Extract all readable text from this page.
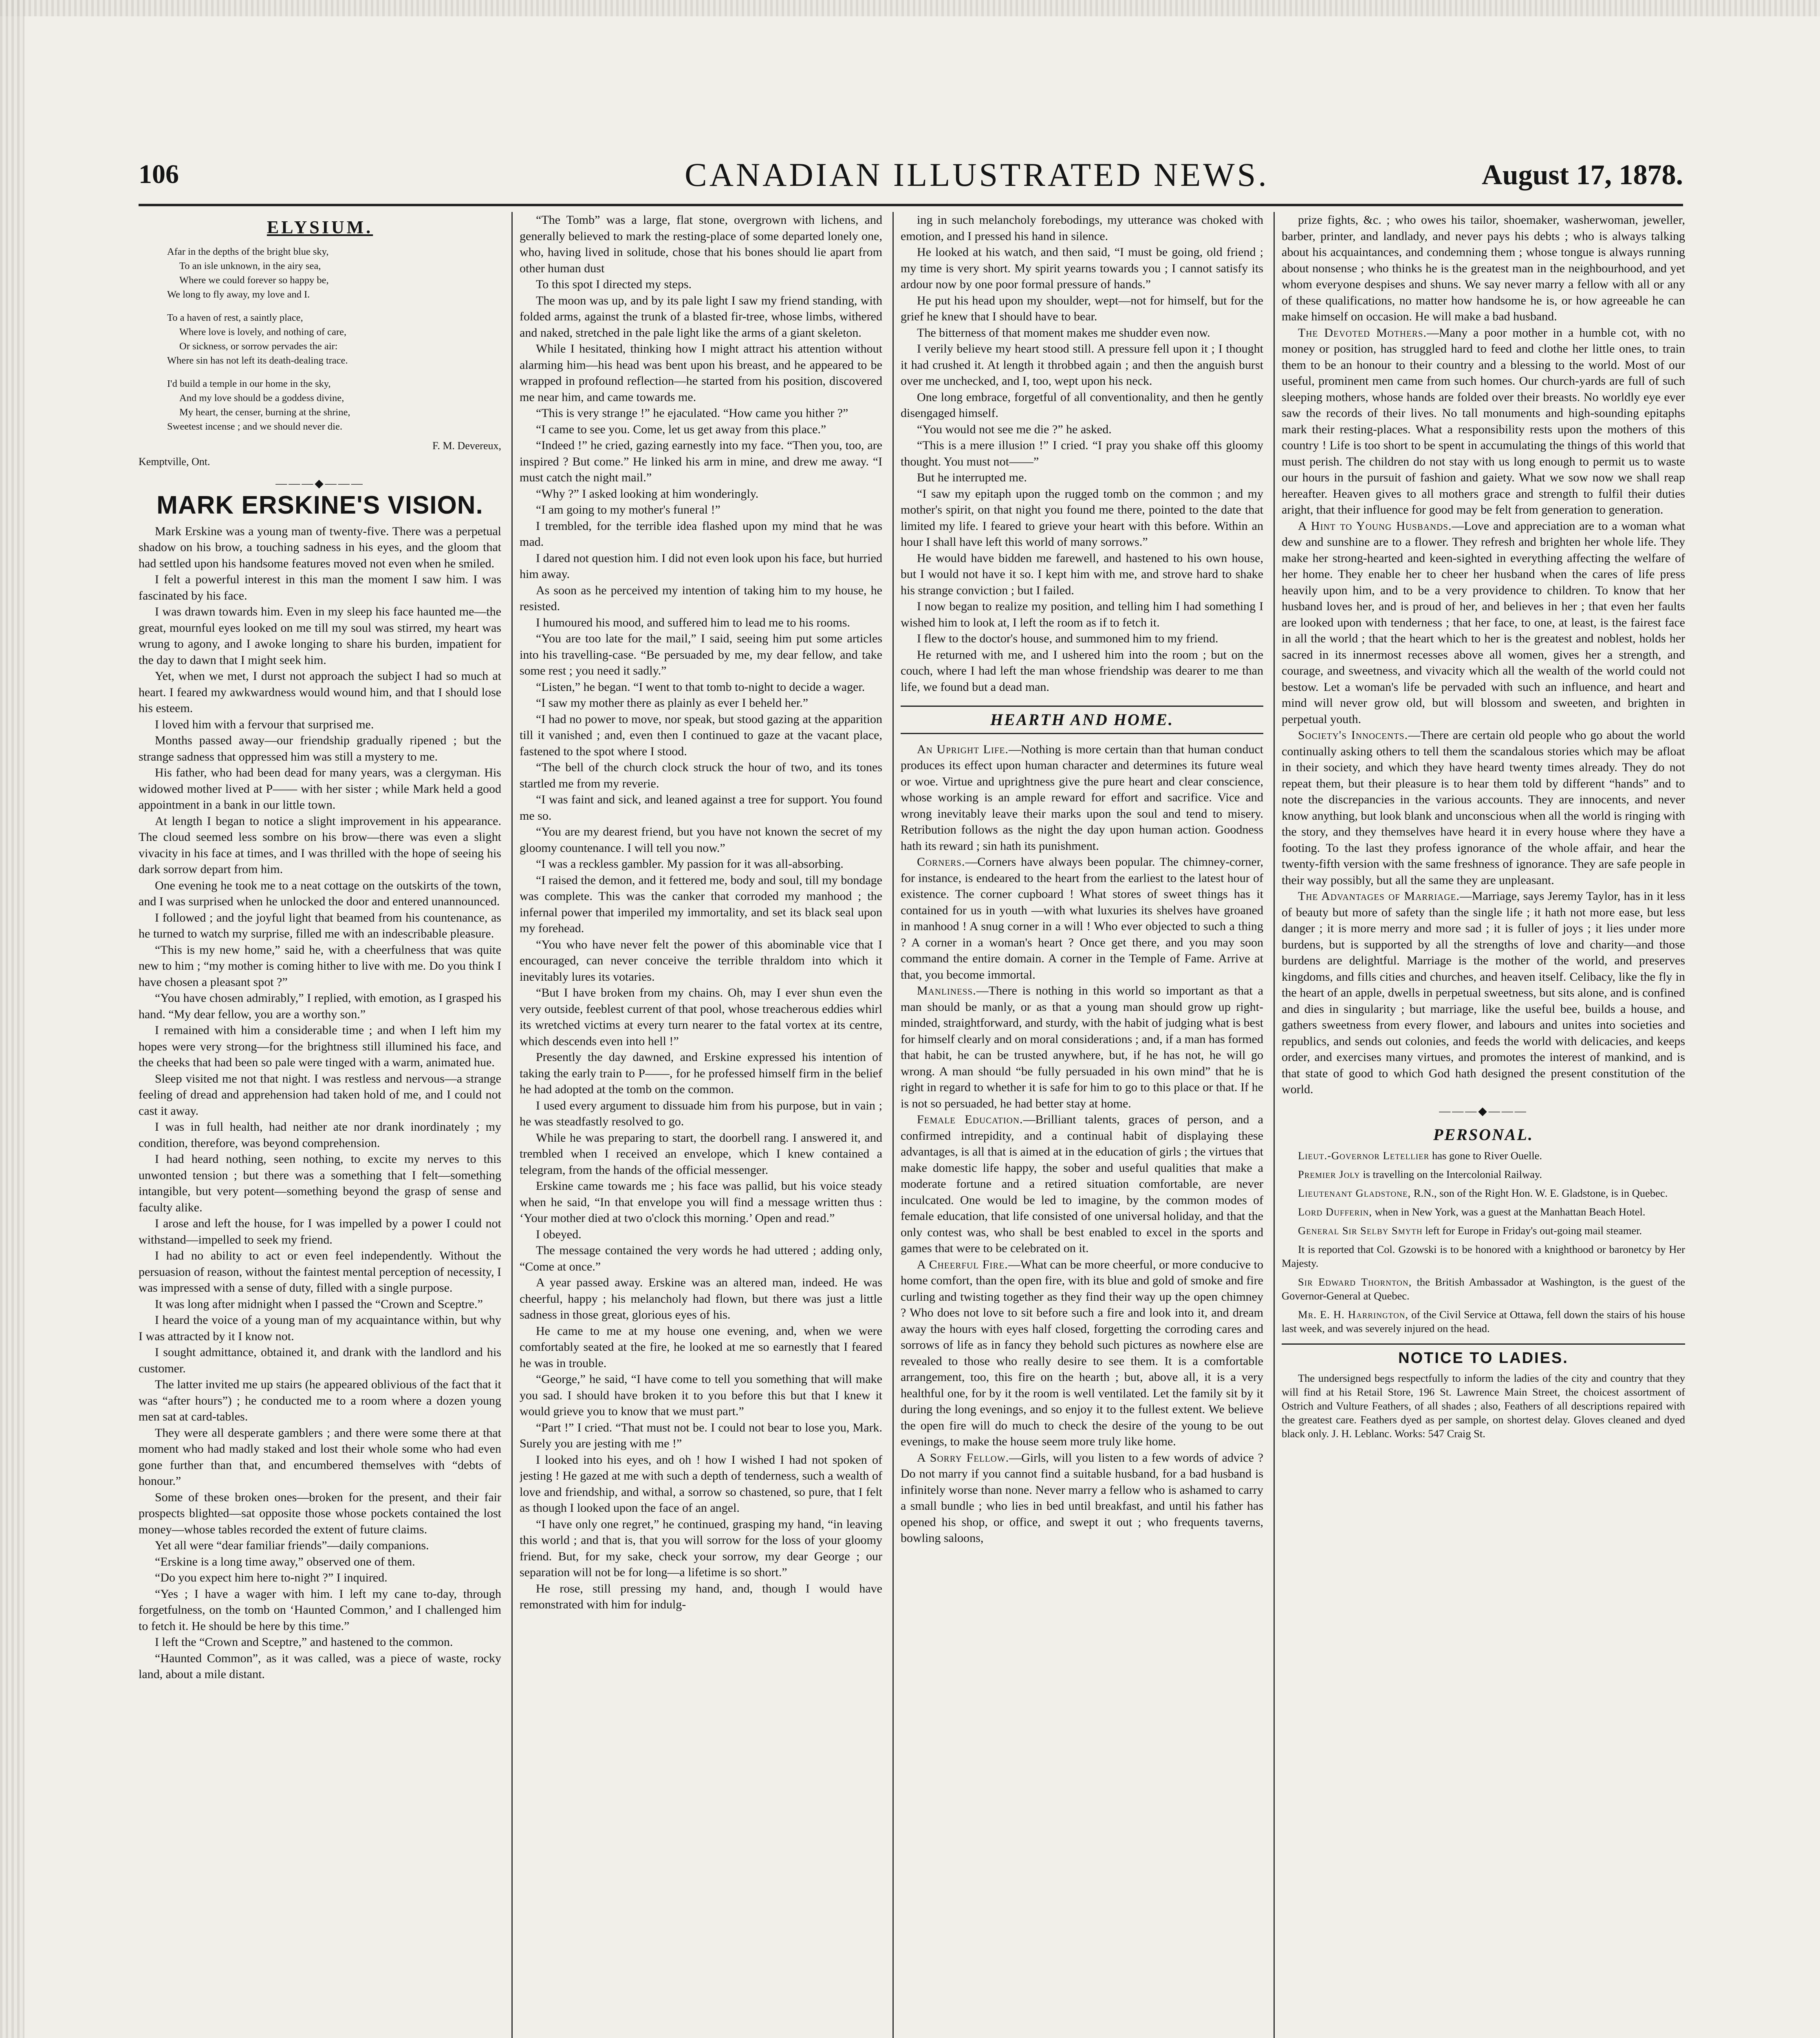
106	CANADIAN ILLUSTRATED NEWS.	August 17, 1878.
ELYSIUM.
Afar in the depths of the bright blue sky,
To an isle unknown, in the airy sea,
Where we could forever so happy be,
We long to fly away, my love and I.
To a haven of rest, a saintly place,
Where love is lovely, and nothing of care,
Or sickness, or sorrow pervades the air:
Where sin has not left its death-dealing trace.
I'd build a temple in our home in the sky,
And my love should be a goddess divine,
My heart, the censer, burning at the shrine,
Sweetest incense ; and we should never die.
F. M. Devereux,
Kemptville, Ont.
―――◆―――
MARK ERSKINE'S VISION.

Mark Erskine was a young man of twenty-five. There was a perpetual shadow on his brow, a touching sadness in his eyes, and the gloom that had settled upon his handsome features moved not even when he smiled.

I felt a powerful interest in this man the moment I saw him. I was fascinated by his face.

I was drawn towards him. Even in my sleep his face haunted me—the great, mournful eyes looked on me till my soul was stirred, my heart was wrung to agony, and I awoke longing to share his burden, impatient for the day to dawn that I might seek him.

Yet, when we met, I durst not approach the subject I had so much at heart. I feared my awkwardness would wound him, and that I should lose his esteem.

I loved him with a fervour that surprised me.

Months passed away—our friendship gradually ripened ; but the strange sadness that oppressed him was still a mystery to me.

His father, who had been dead for many years, was a clergyman. His widowed mother lived at P—— with her sister ; while Mark held a good appointment in a bank in our little town.

At length I began to notice a slight improvement in his appearance. The cloud seemed less sombre on his brow—there was even a slight vivacity in his face at times, and I was thrilled with the hope of seeing his dark sorrow depart from him.

One evening he took me to a neat cottage on the outskirts of the town, and I was surprised when he unlocked the door and entered unannounced.

I followed ; and the joyful light that beamed from his countenance, as he turned to watch my surprise, filled me with an indescribable pleasure.

“This is my new home,” said he, with a cheerfulness that was quite new to him ; “my mother is coming hither to live with me. Do you think I have chosen a pleasant spot ?”

“You have chosen admirably,” I replied, with emotion, as I grasped his hand. “My dear fellow, you are a worthy son.”

I remained with him a considerable time ; and when I left him my hopes were very strong—for the brightness still illumined his face, and the cheeks that had been so pale were tinged with a warm, animated hue.

Sleep visited me not that night. I was restless and nervous—a strange feeling of dread and apprehension had taken hold of me, and I could not cast it away.

I was in full health, had neither ate nor drank inordinately ; my condition, therefore, was beyond comprehension.

I had heard nothing, seen nothing, to excite my nerves to this unwonted tension ; but there was a something that I felt—something intangible, but very potent—something beyond the grasp of sense and faculty alike.

I arose and left the house, for I was impelled by a power I could not withstand—impelled to seek my friend.

I had no ability to act or even feel independently. Without the persuasion of reason, without the faintest mental perception of necessity, I was impressed with a sense of duty, filled with a single purpose.

It was long after midnight when I passed the “Crown and Sceptre.”

I heard the voice of a young man of my acquaintance within, but why I was attracted by it I know not.

I sought admittance, obtained it, and drank with the landlord and his customer.

The latter invited me up stairs (he appeared oblivious of the fact that it was “after hours”) ; he conducted me to a room where a dozen young men sat at card-tables.

They were all desperate gamblers ; and there were some there at that moment who had madly staked and lost their whole some who had even gone further than that, and encumbered themselves with “debts of honour.”

Some of these broken ones—broken for the present, and their fair prospects blighted—sat opposite those whose pockets contained the lost money—whose tables recorded the extent of future claims.

Yet all were “dear familiar friends”—daily companions.

“Erskine is a long time away,” observed one of them.

“Do you expect him here to-night ?” I inquired.

“Yes ; I have a wager with him. I left my cane to-day, through forgetfulness, on the tomb on ‘Haunted Common,’ and I challenged him to fetch it. He should be here by this time.”

I left the “Crown and Sceptre,” and hastened to the common.

“Haunted Common”, as it was called, was a piece of waste, rocky land, about a mile distant.

“The Tomb” was a large, flat stone, overgrown with lichens, and generally believed to mark the resting-place of some departed lonely one, who, having lived in solitude, chose that his bones should lie apart from other human dust

To this spot I directed my steps.

The moon was up, and by its pale light I saw my friend standing, with folded arms, against the trunk of a blasted fir-tree, whose limbs, withered and naked, stretched in the pale light like the arms of a giant skeleton.

While I hesitated, thinking how I might attract his attention without alarming him—his head was bent upon his breast, and he appeared to be wrapped in profound reflection—he started from his position, discovered me near him, and came towards me.

“This is very strange !” he ejaculated. “How came you hither ?”

“I came to see you. Come, let us get away from this place.”

“Indeed !” he cried, gazing earnestly into my face. “Then you, too, are inspired ? But come.” He linked his arm in mine, and drew me away. “I must catch the night mail.”

“Why ?” I asked looking at him wonderingly.

“I am going to my mother's funeral !”

I trembled, for the terrible idea flashed upon my mind that he was mad.

I dared not question him. I did not even look upon his face, but hurried him away.

As soon as he perceived my intention of taking him to my house, he resisted.

I humoured his mood, and suffered him to lead me to his rooms.

“You are too late for the mail,” I said, seeing him put some articles into his travelling-case. “Be persuaded by me, my dear fellow, and take some rest ; you need it sadly.”

“Listen,” he began. “I went to that tomb to-night to decide a wager.

“I saw my mother there as plainly as ever I beheld her.”

“I had no power to move, nor speak, but stood gazing at the apparition till it vanished ; and, even then I continued to gaze at the vacant place, fastened to the spot where I stood.

“The bell of the church clock struck the hour of two, and its tones startled me from my reverie.

“I was faint and sick, and leaned against a tree for support. You found me so.

“You are my dearest friend, but you have not known the secret of my gloomy countenance. I will tell you now.”

“I was a reckless gambler. My passion for it was all-absorbing.

“I raised the demon, and it fettered me, body and soul, till my bondage was complete. This was the canker that corroded my manhood ; the infernal power that imperiled my immortality, and set its black seal upon my forehead.

“You who have never felt the power of this abominable vice that I encouraged, can never conceive the terrible thraldom into which it inevitably lures its votaries.

“But I have broken from my chains. Oh, may I ever shun even the very outside, feeblest current of that pool, whose treacherous eddies whirl its wretched victims at every turn nearer to the fatal vortex at its centre, which descends even into hell !”

Presently the day dawned, and Erskine expressed his intention of taking the early train to P——, for he professed himself firm in the belief he had adopted at the tomb on the common.

I used every argument to dissuade him from his purpose, but in vain ; he was steadfastly resolved to go.

While he was preparing to start, the doorbell rang. I answered it, and trembled when I received an envelope, which I knew contained a telegram, from the hands of the official messenger.

Erskine came towards me ; his face was pallid, but his voice steady when he said, “In that envelope you will find a message written thus : ‘Your mother died at two o'clock this morning.’ Open and read.”

I obeyed.

The message contained the very words he had uttered ; adding only, “Come at once.”

A year passed away. Erskine was an altered man, indeed. He was cheerful, happy ; his melancholy had flown, but there was just a little sadness in those great, glorious eyes of his.

He came to me at my house one evening, and, when we were comfortably seated at the fire, he looked at me so earnestly that I feared he was in trouble.

“George,” he said, “I have come to tell you something that will make you sad. I should have broken it to you before this but that I knew it would grieve you to know that we must part.”

“Part !” I cried. “That must not be. I could not bear to lose you, Mark. Surely you are jesting with me !”

I looked into his eyes, and oh ! how I wished I had not spoken of jesting ! He gazed at me with such a depth of tenderness, such a wealth of love and friendship, and withal, a sorrow so chastened, so pure, that I felt as though I looked upon the face of an angel.

“I have only one regret,” he continued, grasping my hand, “in leaving this world ; and that is, that you will sorrow for the loss of your gloomy friend. But, for my sake, check your sorrow, my dear George ; our separation will not be for long—a lifetime is so short.”

He rose, still pressing my hand, and, though I would have remonstrated with him for indulg-

ing in such melancholy forebodings, my utterance was choked with emotion, and I pressed his hand in silence.

He looked at his watch, and then said, “I must be going, old friend ; my time is very short. My spirit yearns towards you ; I cannot satisfy its ardour now by one poor formal pressure of hands.”

He put his head upon my shoulder, wept—not for himself, but for the grief he knew that I should have to bear.

The bitterness of that moment makes me shudder even now.

I verily believe my heart stood still. A pressure fell upon it ; I thought it had crushed it. At length it throbbed again ; and then the anguish burst over me unchecked, and I, too, wept upon his neck.

One long embrace, forgetful of all conventionality, and then he gently disengaged himself.

“You would not see me die ?” he asked.

“This is a mere illusion !” I cried. “I pray you shake off this gloomy thought. You must not——”

But he interrupted me.

“I saw my epitaph upon the rugged tomb on the common ; and my mother's spirit, on that night you found me there, pointed to the date that limited my life. I feared to grieve your heart with this before. Within an hour I shall have left this world of many sorrows.”

He would have bidden me farewell, and hastened to his own house, but I would not have it so. I kept him with me, and strove hard to shake his strange conviction ; but I failed.

I now began to realize my position, and telling him I had something I wished him to look at, I left the room as if to fetch it.

I flew to the doctor's house, and summoned him to my friend.

He returned with me, and I ushered him into the room ; but on the couch, where I had left the man whose friendship was dearer to me than life, we found but a dead man.

HEARTH AND HOME.

An Upright Life.—Nothing is more certain than that human conduct produces its effect upon human character and determines its future weal or woe. Virtue and uprightness give the pure heart and clear conscience, whose working is an ample reward for effort and sacrifice. Vice and wrong inevitably leave their marks upon the soul and tend to misery. Retribution follows as the night the day upon human action. Goodness hath its reward ; sin hath its punishment.

Corners.—Corners have always been popular. The chimney-corner, for instance, is endeared to the heart from the earliest to the latest hour of existence. The corner cupboard ! What stores of sweet things has it contained for us in youth —with what luxuries its shelves have groaned in manhood ! A snug corner in a will ! Who ever objected to such a thing ? A corner in a woman's heart ? Once get there, and you may soon command the entire domain. A corner in the Temple of Fame. Arrive at that, you become immortal.

Manliness.—There is nothing in this world so important as that a man should be manly, or as that a young man should grow up right-minded, straightforward, and sturdy, with the habit of judging what is best for himself clearly and on moral considerations ; and, if a man has formed that habit, he can be trusted anywhere, but, if he has not, he will go wrong. A man should “be fully persuaded in his own mind” that he is right in regard to whether it is safe for him to go to this place or that. If he is not so persuaded, he had better stay at home.

Female Education.—Brilliant talents, graces of person, and a confirmed intrepidity, and a continual habit of displaying these advantages, is all that is aimed at in the education of girls ; the virtues that make domestic life happy, the sober and useful qualities that make a moderate fortune and a retired situation comfortable, are never inculcated. One would be led to imagine, by the common modes of female education, that life consisted of one universal holiday, and that the only contest was, who shall be best enabled to excel in the sports and games that were to be celebrated on it.

A Cheerful Fire.—What can be more cheerful, or more conducive to home comfort, than the open fire, with its blue and gold of smoke and fire curling and twisting together as they find their way up the open chimney ? Who does not love to sit before such a fire and look into it, and dream away the hours with eyes half closed, forgetting the corroding cares and sorrows of life as in fancy they behold such pictures as nowhere else are revealed to those who really desire to see them. It is a comfortable arrangement, too, this fire on the hearth ; but, above all, it is a very healthful one, for by it the room is well ventilated. Let the family sit by it during the long evenings, and so enjoy it to the fullest extent. We believe the open fire will do much to check the desire of the young to be out evenings, to make the house seem more truly like home.

A Sorry Fellow.—Girls, will you listen to a few words of advice ? Do not marry if you cannot find a suitable husband, for a bad husband is infinitely worse than none. Never marry a fellow who is ashamed to carry a small bundle ; who lies in bed until breakfast, and until his father has opened his shop, or office, and swept it out ; who frequents taverns, bowling saloons,

prize fights, &c. ; who owes his tailor, shoemaker, washerwoman, jeweller, barber, printer, and landlady, and never pays his debts ; who is always talking about his acquaintances, and condemning them ; whose tongue is always running about nonsense ; who thinks he is the greatest man in the neighbourhood, and yet whom everyone despises and shuns. We say never marry a fellow with all or any of these qualifications, no matter how handsome he is, or how agreeable he can make himself on occasion. He will make a bad husband.

The Devoted Mothers.—Many a poor mother in a humble cot, with no money or position, has struggled hard to feed and clothe her little ones, to train them to be an honour to their country and a blessing to the world. Most of our useful, prominent men came from such homes. Our church-yards are full of such sleeping mothers, whose hands are folded over their breasts. No worldly eye ever saw the records of their lives. No tall monuments and high-sounding epitaphs mark their resting-places. What a responsibility rests upon the mothers of this country ! Life is too short to be spent in accumulating the things of this world that must perish. The children do not stay with us long enough to permit us to waste our hours in the pursuit of fashion and gaiety. What we sow now we shall reap hereafter. Heaven gives to all mothers grace and strength to fulfil their duties aright, that their influence for good may be felt from generation to generation.

A Hint to Young Husbands.—Love and appreciation are to a woman what dew and sunshine are to a flower. They refresh and brighten her whole life. They make her strong-hearted and keen-sighted in everything affecting the welfare of her home. They enable her to cheer her husband when the cares of life press heavily upon him, and to be a very providence to children. To know that her husband loves her, and is proud of her, and believes in her ; that even her faults are looked upon with tenderness ; that her face, to one, at least, is the fairest face in all the world ; that the heart which to her is the greatest and noblest, holds her sacred in its innermost recesses above all women, gives her a strength, and courage, and sweetness, and vivacity which all the wealth of the world could not bestow. Let a woman's life be pervaded with such an influence, and heart and mind will never grow old, but will blossom and sweeten, and brighten in perpetual youth.

Society's Innocents.—There are certain old people who go about the world continually asking others to tell them the scandalous stories which may be afloat in their society, and which they have heard twenty times already. They do not repeat them, but their pleasure is to hear them told by different “hands” and to note the discrepancies in the various accounts. They are innocents, and never know anything, but look blank and unconscious when all the world is ringing with the story, and they themselves have heard it in every house where they have a footing. To the last they profess ignorance of the whole affair, and hear the twenty-fifth version with the same freshness of ignorance. They are safe people in their way possibly, but all the same they are unpleasant.

The Advantages of Marriage.—Marriage, says Jeremy Taylor, has in it less of beauty but more of safety than the single life ; it hath not more ease, but less danger ; it is more merry and more sad ; it is fuller of joys ; it lies under more burdens, but is supported by all the strengths of love and charity—and those burdens are delightful. Marriage is the mother of the world, and preserves kingdoms, and fills cities and churches, and heaven itself. Celibacy, like the fly in the heart of an apple, dwells in perpetual sweetness, but sits alone, and is confined and dies in singularity ; but marriage, like the useful bee, builds a house, and gathers sweetness from every flower, and labours and unites into societies and republics, and sends out colonies, and feeds the world with delicacies, and keeps order, and exercises many virtues, and promotes the interest of mankind, and is that state of good to which God hath designed the present constitution of the world.

―――◆―――
PERSONAL.

Lieut.-Governor Letellier has gone to River Ouelle.

Premier Joly is travelling on the Intercolonial Railway.

Lieutenant Gladstone, R.N., son of the Right Hon. W. E. Gladstone, is in Quebec.

Lord Dufferin, when in New York, was a guest at the Manhattan Beach Hotel.

General Sir Selby Smyth left for Europe in Friday's out-going mail steamer.

It is reported that Col. Gzowski is to be honored with a knighthood or baronetcy by Her Majesty.

Sir Edward Thornton, the British Ambassador at Washington, is the guest of the Governor-General at Quebec.

Mr. E. H. Harrington, of the Civil Service at Ottawa, fell down the stairs of his house last week, and was severely injured on the head.

NOTICE TO LADIES.

The undersigned begs respectfully to inform the ladies of the city and country that they will find at his Retail Store, 196 St. Lawrence Main Street, the choicest assortment of Ostrich and Vulture Feathers, of all shades ; also, Feathers of all descriptions repaired with the greatest care. Feathers dyed as per sample, on shortest delay. Gloves cleaned and dyed black only. J. H. Leblanc. Works: 547 Craig St.
